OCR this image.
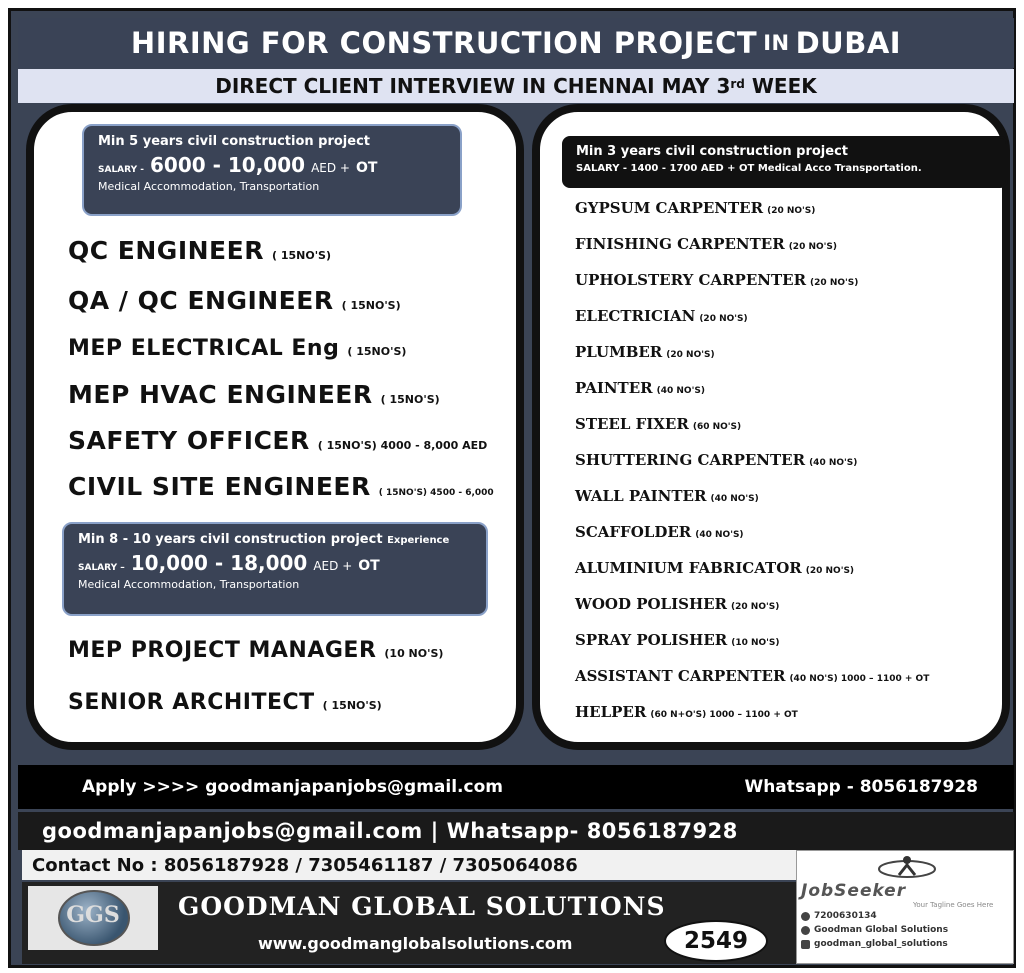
HIRING FOR CONSTRUCTION PROJECT IN DUBAI
DIRECT CLIENT INTERVIEW IN CHENNAI MAY 3rd
WEEK
Min 5 years civil construction project
SALARY - 6000 - 10,000 AED + OT
Medical Accommodation, Transportation
QC ENGINEER ( 15NO'S)
QA / QC ENGINEER ( 15NO'S)
MEP ELECTRICAL Eng ( 15NO'S)
MEP HVAC ENGINEER ( 15NO'S)
SAFETY OFFICER ( 15NO'S) 4000 - 8,000 AED
CIVIL SITE ENGINEER ( 15NO'S) 4500 - 6,000
Min 8 - 10 years civil construction project Experience
SALARY – 10,000 - 18,000 AED + OT
Medical Accommodation, Transportation
MEP PROJECT MANAGER (10 NO'S)
SENIOR ARCHITECT ( 15NO'S)
Min 3 years civil construction project
SALARY - 1400 - 1700 AED + OT Medical Acco Transportation.
GYPSUM CARPENTER (20 NO'S)
FINISHING CARPENTER (20 NO'S)
UPHOLSTERY CARPENTER (20 NO'S)
ELECTRICIAN (20 NO'S)
PLUMBER (20 NO'S)
PAINTER (40 NO'S)
STEEL FIXER (60 NO'S)
SHUTTERING CARPENTER (40 NO'S)
WALL PAINTER (40 NO'S)
SCAFFOLDER (40 NO'S)
ALUMINIUM FABRICATOR (20 NO'S)
WOOD POLISHER (20 NO'S)
SPRAY POLISHER (10 NO'S)
ASSISTANT CARPENTER (40 NO'S) 1000 – 1100 + OT
HELPER (60 N+O'S) 1000 – 1100 + OT
Apply >>>> goodmanjapanjobs@gmail.com	Whatsapp - 8056187928
goodmanjapanjobs@gmail.com | Whatsapp- 8056187928
Contact No : 8056187928 / 7305461187 / 7305064086
GGS	GOODMAN GLOBAL SOLUTIONS
www.goodmanglobalsolutions.com	2549
JobSeeker
Your Tagline Goes Here
7200630134
Goodman Global Solutions
goodman_global_solutions
